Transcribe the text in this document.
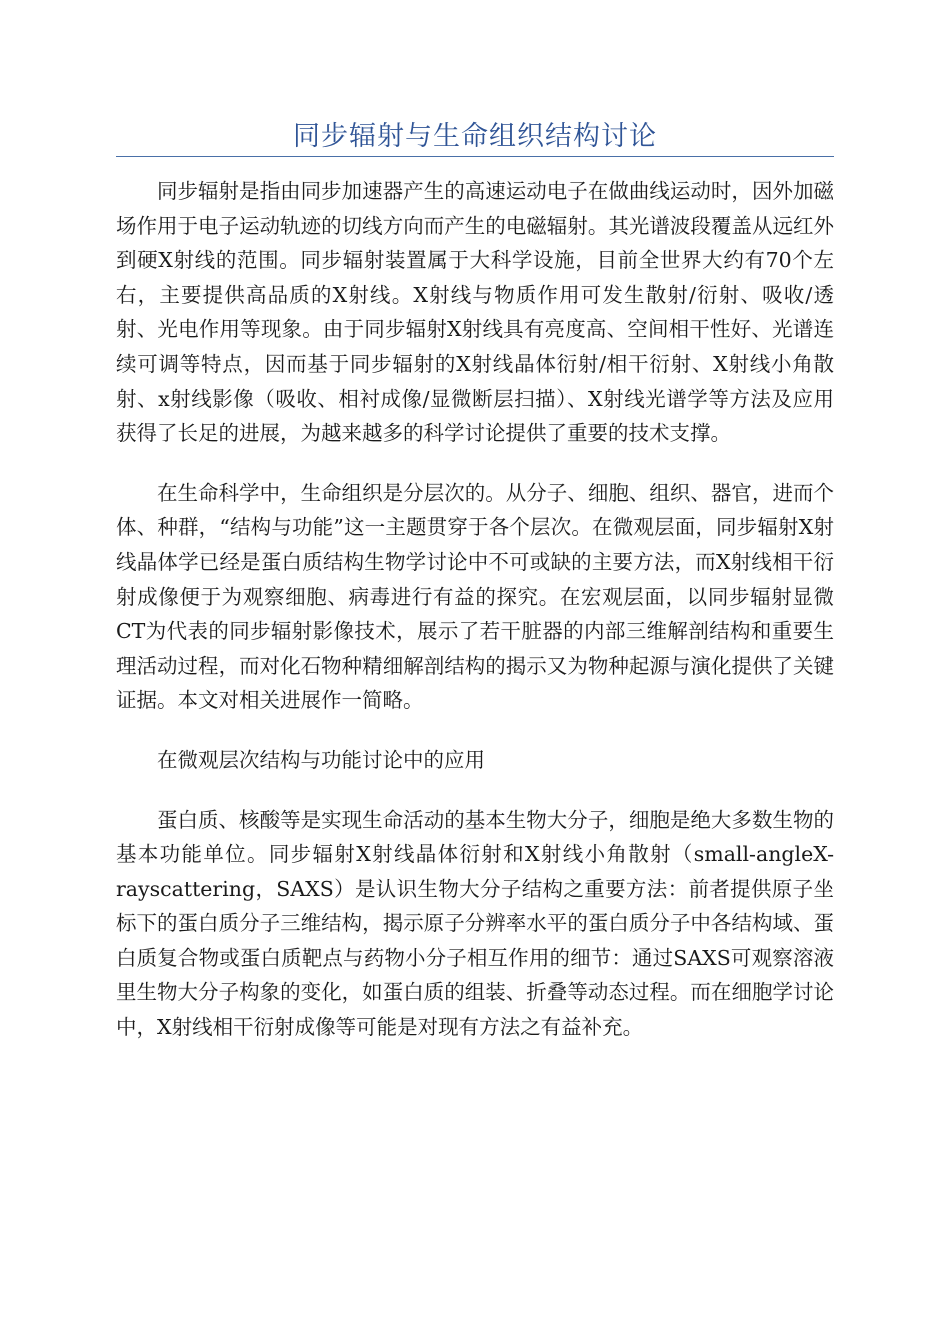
同步辐射与生命组织结构讨论

同步辐射是指由同步加速器产生的高速运动电子在做曲线运动时，因外加磁场作用于电子运动轨迹的切线方向而产生的电磁辐射。其光谱波段覆盖从远红外到硬X射线的范围。同步辐射装置属于大科学设施，目前全世界大约有70个左右，主要提供高品质的X射线。X射线与物质作用可发生散射/衍射、吸收/透射、光电作用等现象。由于同步辐射X射线具有亮度高、空间相干性好、光谱连续可调等特点，因而基于同步辐射的X射线晶体衍射/相干衍射、X射线小角散射、x射线影像（吸收、相衬成像/显微断层扫描）、X射线光谱学等方法及应用获得了长足的进展，为越来越多的科学讨论提供了重要的技术支撑。

在生命科学中，生命组织是分层次的。从分子、细胞、组织、器官，进而个体、种群，“结构与功能”这一主题贯穿于各个层次。在微观层面，同步辐射X射线晶体学已经是蛋白质结构生物学讨论中不可或缺的主要方法，而X射线相干衍射成像便于为观察细胞、病毒进行有益的探究。在宏观层面，以同步辐射显微CT为代表的同步辐射影像技术，展示了若干脏器的内部三维解剖结构和重要生理活动过程，而对化石物种精细解剖结构的揭示又为物种起源与演化提供了关键证据。本文对相关进展作一简略。

在微观层次结构与功能讨论中的应用

蛋白质、核酸等是实现生命活动的基本生物大分子，细胞是绝大多数生物的基本功能单位。同步辐射X射线晶体衍射和X射线小角散射（small-angleX-rayscattering，SAXS）是认识生物大分子结构之重要方法：前者提供原子坐标下的蛋白质分子三维结构，揭示原子分辨率水平的蛋白质分子中各结构域、蛋白质复合物或蛋白质靶点与药物小分子相互作用的细节：通过SAXS可观察溶液里生物大分子构象的变化，如蛋白质的组装、折叠等动态过程。而在细胞学讨论中，X射线相干衍射成像等可能是对现有方法之有益补充。
